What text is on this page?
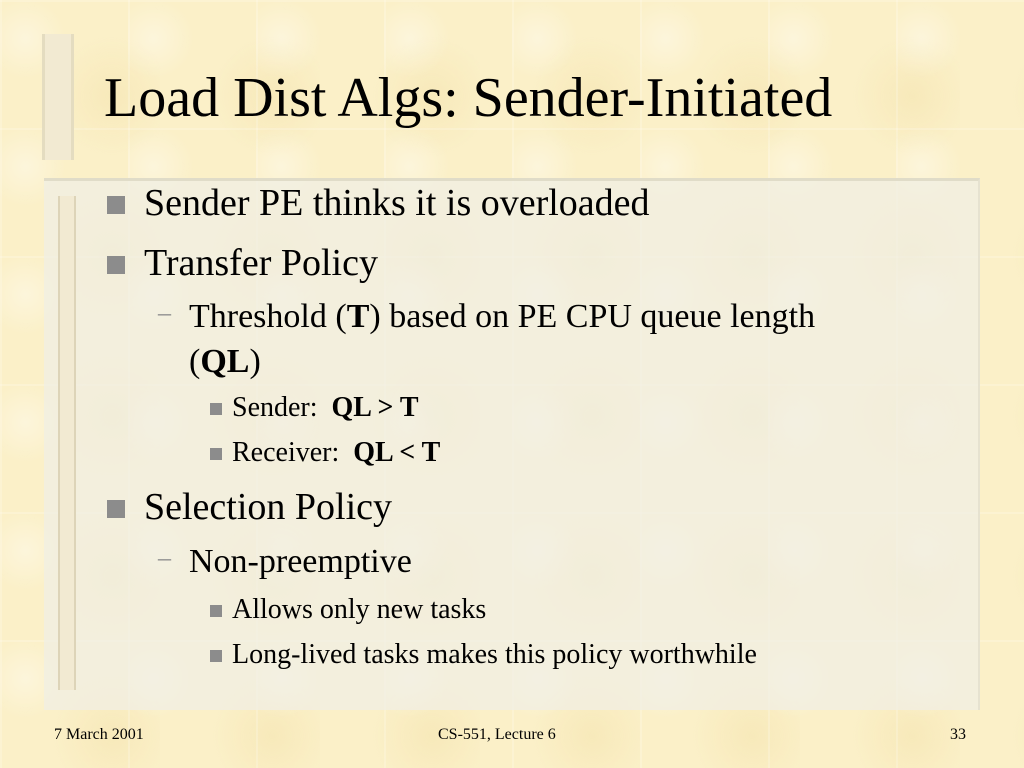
Load Dist Algs: Sender-Initiated
Sender PE thinks it is overloaded
Transfer Policy
– Threshold (T) based on PE CPU queue length
(QL)
Sender: QL > T
Receiver: QL < T
Selection Policy
– Non-preemptive
Allows only new tasks
Long-lived tasks makes this policy worthwhile
7 March 2001	CS-551, Lecture 6	33
